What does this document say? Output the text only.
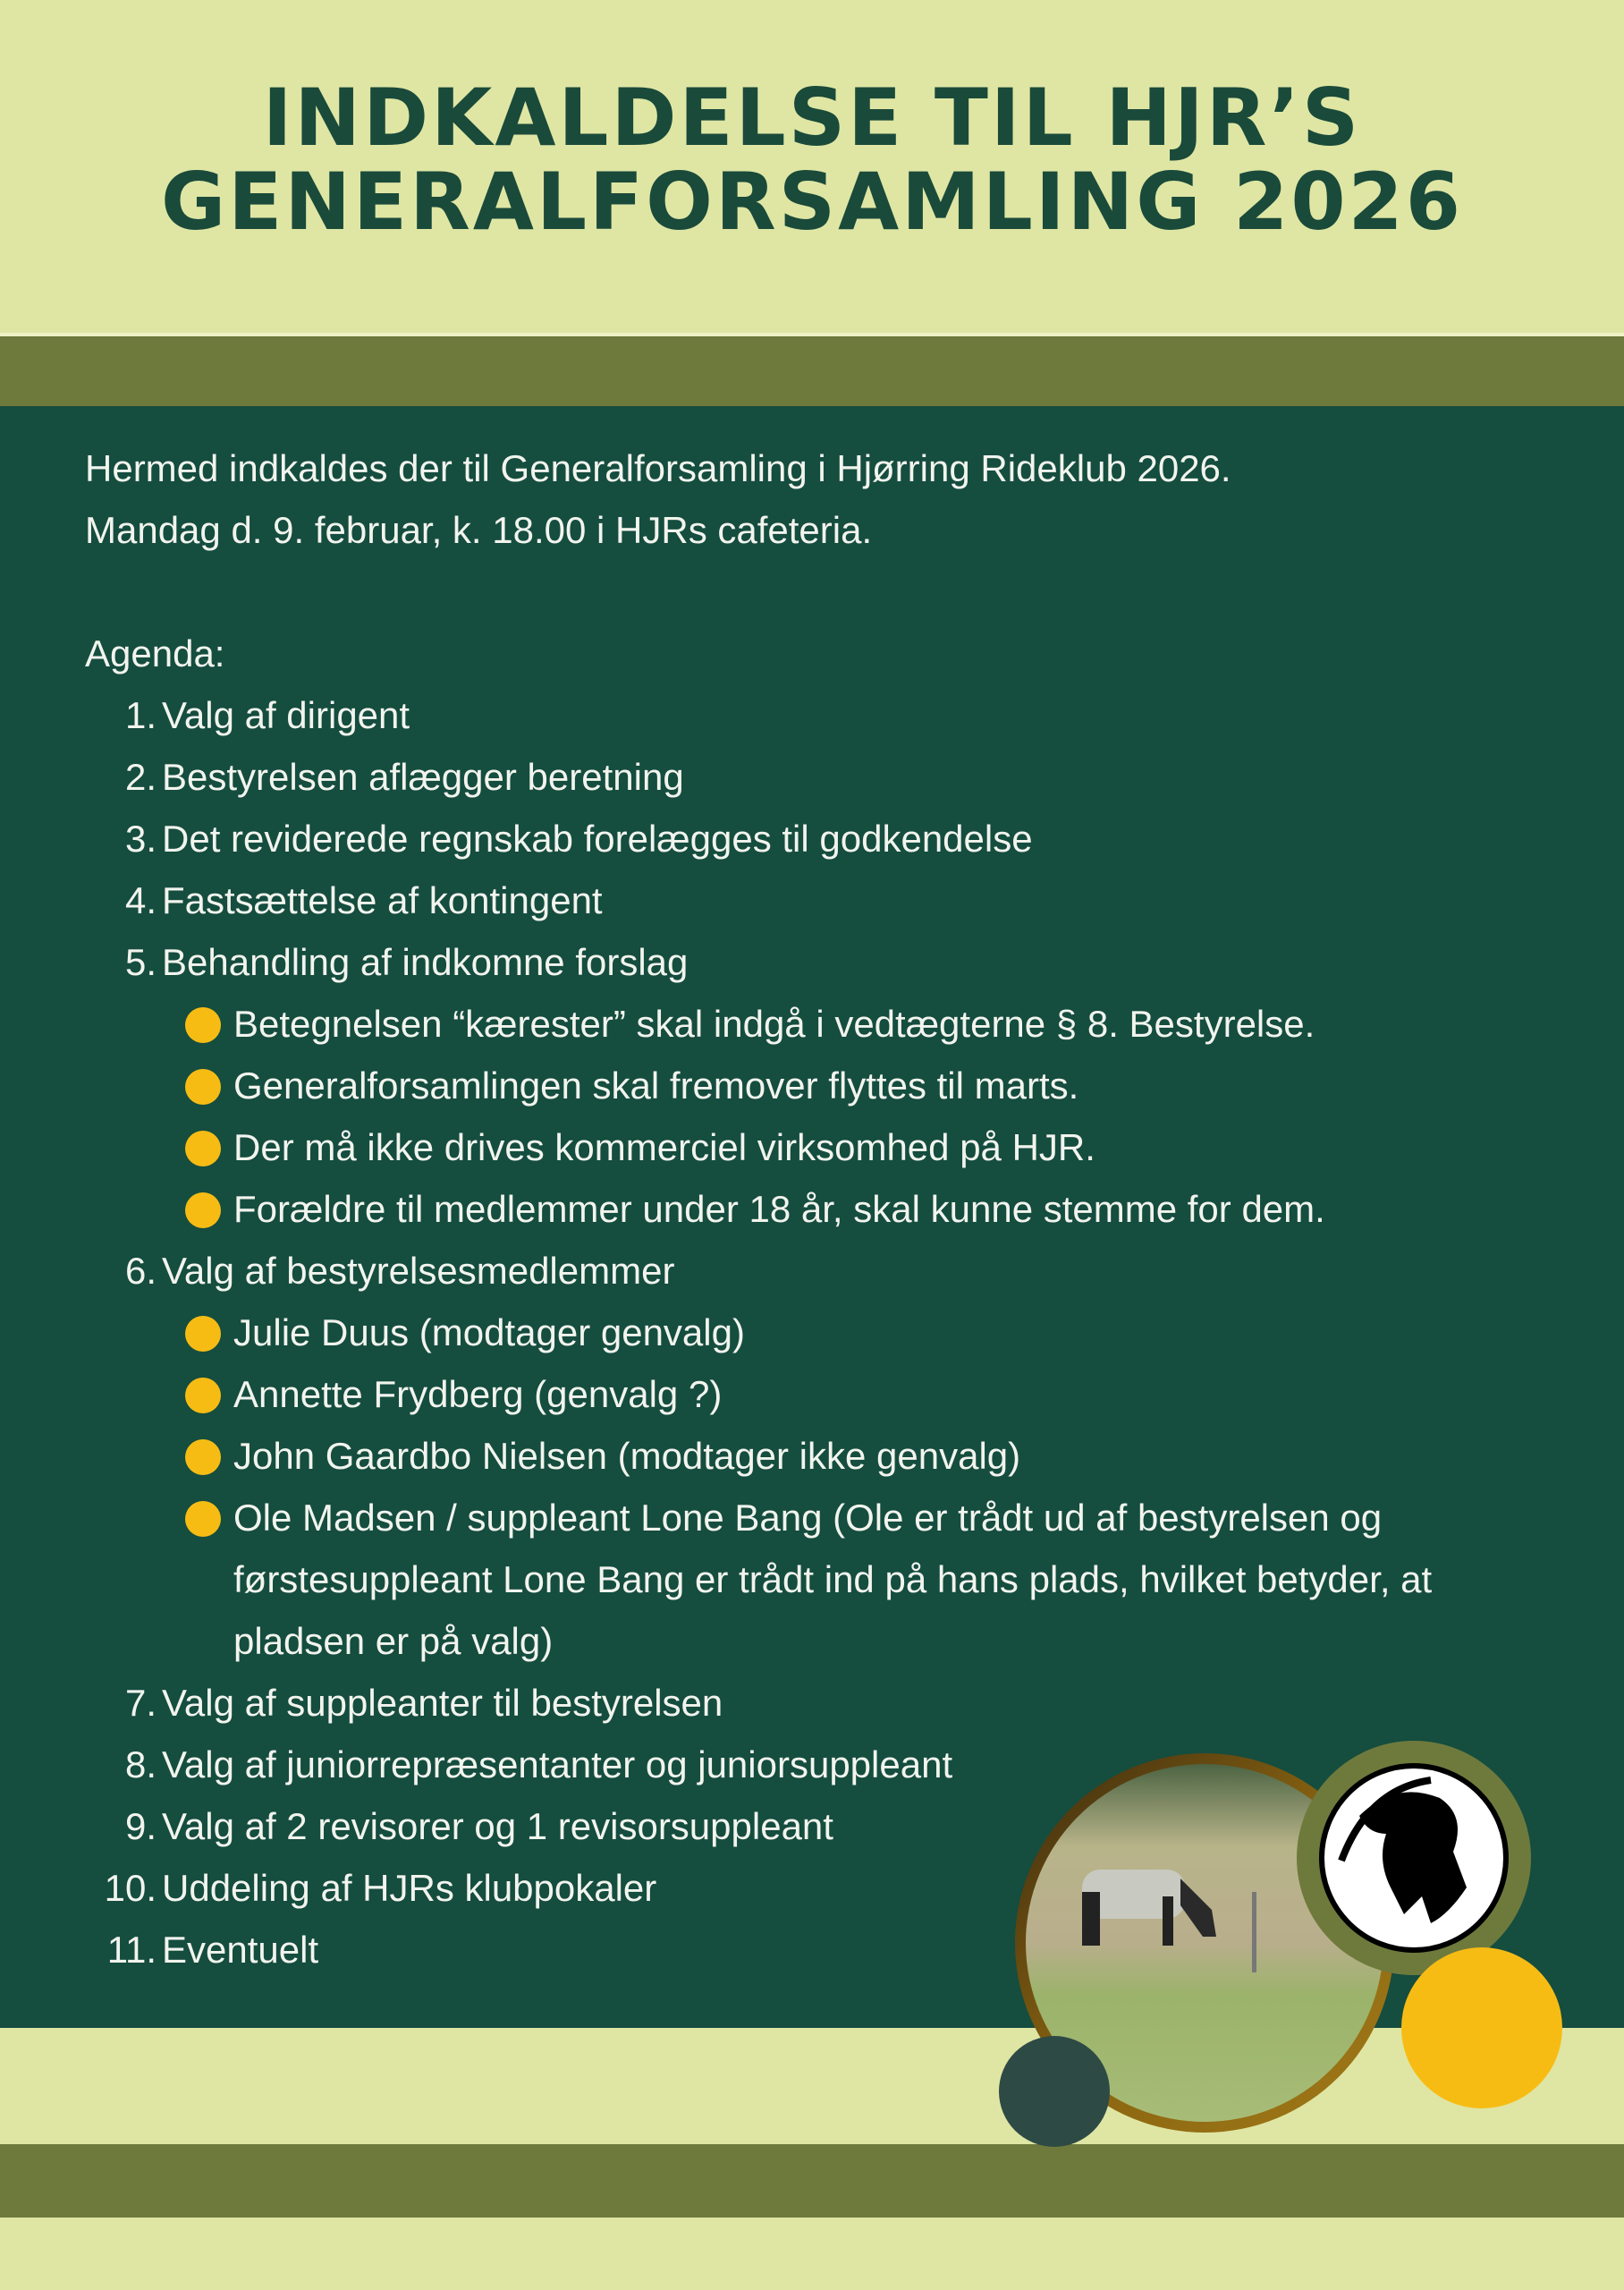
INDKALDELSE TIL HJR’S
GENERALFORSAMLING 2026
Hermed indkaldes der til Generalforsamling i Hjørring Rideklub 2026.
Mandag d. 9. februar, k. 18.00 i HJRs cafeteria.
Agenda:
1. Valg af dirigent
2. Bestyrelsen aflægger beretning
3. Det reviderede regnskab forelægges til godkendelse
4. Fastsættelse af kontingent
5. Behandling af indkomne forslag
Betegnelsen “kærester” skal indgå i vedtægterne § 8. Bestyrelse.
Generalforsamlingen skal fremover flyttes til marts.
Der må ikke drives kommerciel virksomhed på HJR.
Forældre til medlemmer under 18 år, skal kunne stemme for dem.
6. Valg af bestyrelsesmedlemmer
Julie Duus (modtager genvalg)
Annette Frydberg (genvalg ?)
John Gaardbo Nielsen (modtager ikke genvalg)
Ole Madsen / suppleant Lone Bang (Ole er trådt ud af bestyrelsen og førstesuppleant Lone Bang er trådt ind på hans plads, hvilket betyder, at pladsen er på valg)
7. Valg af suppleanter til bestyrelsen
8. Valg af juniorrepræsentanter og juniorsuppleant
9. Valg af 2 revisorer og 1 revisorsuppleant
10. Uddeling af HJRs klubpokaler
11. Eventuelt
